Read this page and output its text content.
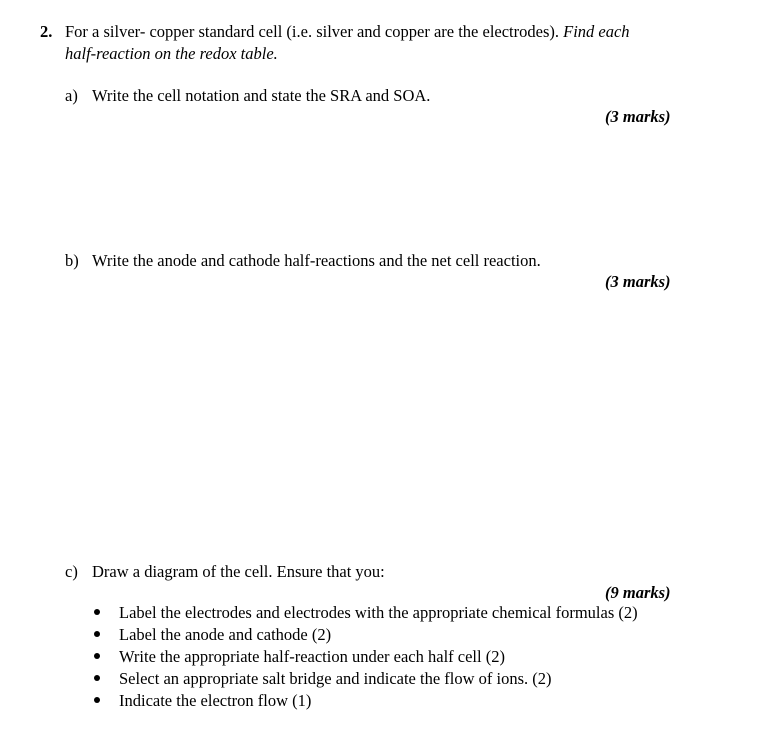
2. For a silver- copper standard cell (i.e. silver and copper are the electrodes). Find each
half-reaction on the redox table.
a) Write the cell notation and state the SRA and SOA.
(3 marks)
b) Write the anode and cathode half-reactions and the net cell reaction.
(3 marks)
c) Draw a diagram of the cell. Ensure that you:
(9 marks)
Label the electrodes and electrodes with the appropriate chemical formulas (2)
Label the anode and cathode (2)
Write the appropriate half-reaction under each half cell (2)
Select an appropriate salt bridge and indicate the flow of ions. (2)
Indicate the electron flow (1)
